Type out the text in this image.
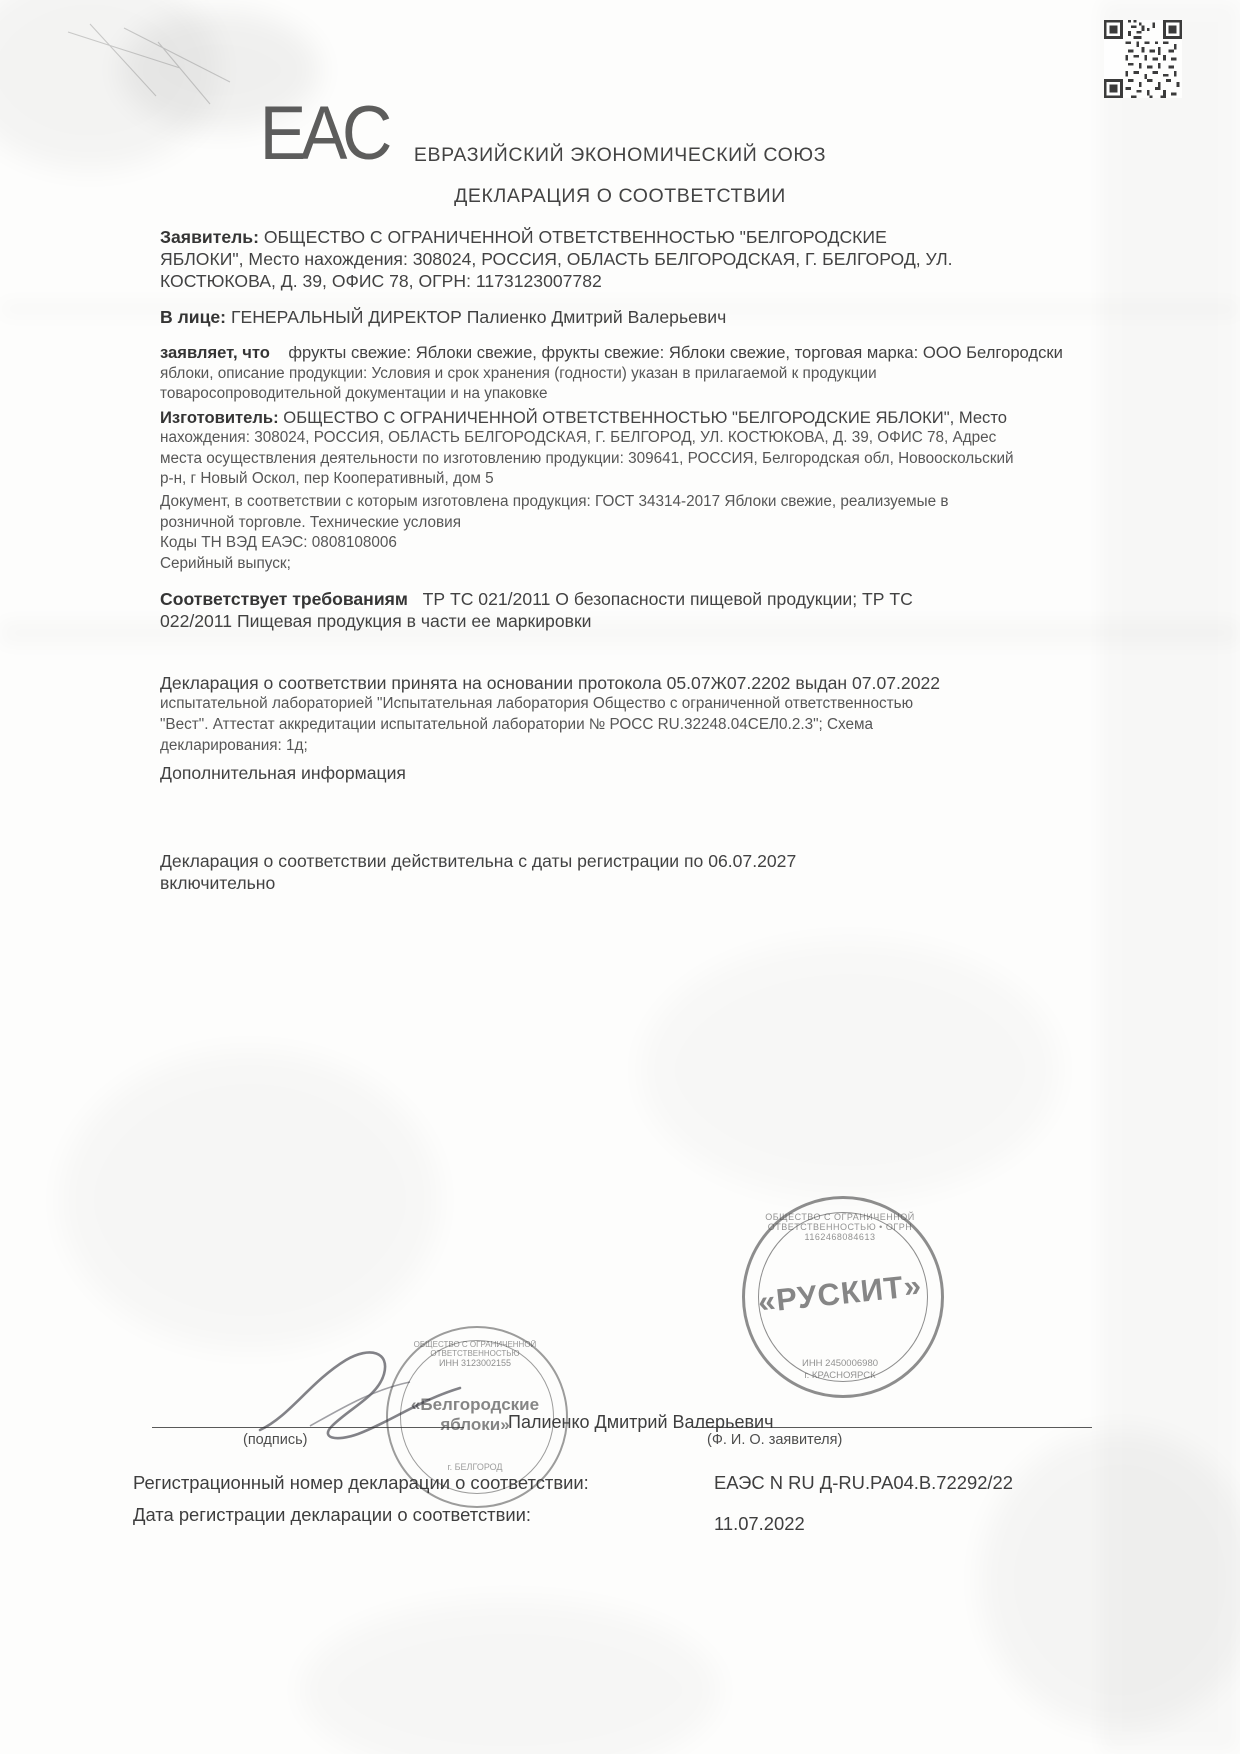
ЕАC	ЕВРАЗИЙСКИЙ ЭКОНОМИЧЕСКИЙ СОЮЗ
ДЕКЛАРАЦИЯ О СООТВЕТСТВИИ
Заявитель: ОБЩЕСТВО С ОГРАНИЧЕННОЙ ОТВЕТСТВЕННОСТЬЮ "БЕЛГОРОДСКИЕ
ЯБЛОКИ", Место нахождения: 308024, РОССИЯ, ОБЛАСТЬ БЕЛГОРОДСКАЯ, Г. БЕЛГОРОД, УЛ.
КОСТЮКОВА, Д. 39, ОФИС 78, ОГРН: 1173123007782
В лице: ГЕНЕРАЛЬНЫЙ ДИРЕКТОР Палиенко Дмитрий Валерьевич
заявляет, что фрукты свежие: Яблоки свежие, фрукты свежие: Яблоки свежие, торговая марка: ООО Белгородски
яблоки, описание продукции: Условия и срок хранения (годности) указан в прилагаемой к продукции
товаросопроводительной документации и на упаковке
Изготовитель: ОБЩЕСТВО С ОГРАНИЧЕННОЙ ОТВЕТСТВЕННОСТЬЮ "БЕЛГОРОДСКИЕ ЯБЛОКИ", Место
нахождения: 308024, РОССИЯ, ОБЛАСТЬ БЕЛГОРОДСКАЯ, Г. БЕЛГОРОД, УЛ. КОСТЮКОВА, Д. 39, ОФИС 78, Адрес
места осуществления деятельности по изготовлению продукции: 309641, РОССИЯ, Белгородская обл, Новооскольский
р-н, г Новый Оскол, пер Кооперативный, дом 5
Документ, в соответствии с которым изготовлена продукция: ГОСТ 34314-2017 Яблоки свежие, реализуемые в
розничной торговле. Технические условия
Коды ТН ВЭД ЕАЭС: 0808108006
Серийный выпуск;
Соответствует требованиям ТР ТС 021/2011 О безопасности пищевой продукции; ТР ТС
022/2011 Пищевая продукция в части ее маркировки
Декларация о соответствии принята на основании протокола 05.07Ж07.2202 выдан 07.07.2022
испытательной лабораторией "Испытательная лаборатория Общество с ограниченной ответственностью
"Вест". Аттестат аккредитации испытательной лаборатории № РОСС RU.32248.04СЕЛ0.2.3"; Схема
декларирования: 1д;
Дополнительная информация
Декларация о соответствии действительна с даты регистрации по 06.07.2027
включительно
ОБЩЕСТВО С ОГРАНИЧЕННОЙ ОТВЕТСТВЕННОСТЬЮ • ОГРН 1162468084613
«РУСКИТ»
ИНН 2450006980
г. КРАСНОЯРСК
ОБЩЕСТВО С ОГРАНИЧЕННОЙ ОТВЕТСТВЕННОСТЬЮ
ИНН 3123002155
«Белгородские
яблоки»
г. БЕЛГОРОД
(подпись)	(Ф. И. О. заявителя)
Палиенко Дмитрий Валерьевич
Регистрационный номер декларации о соответствии:
Дата регистрации декларации о соответствии:
ЕАЭС N RU Д-RU.РА04.В.72292/22
11.07.2022
